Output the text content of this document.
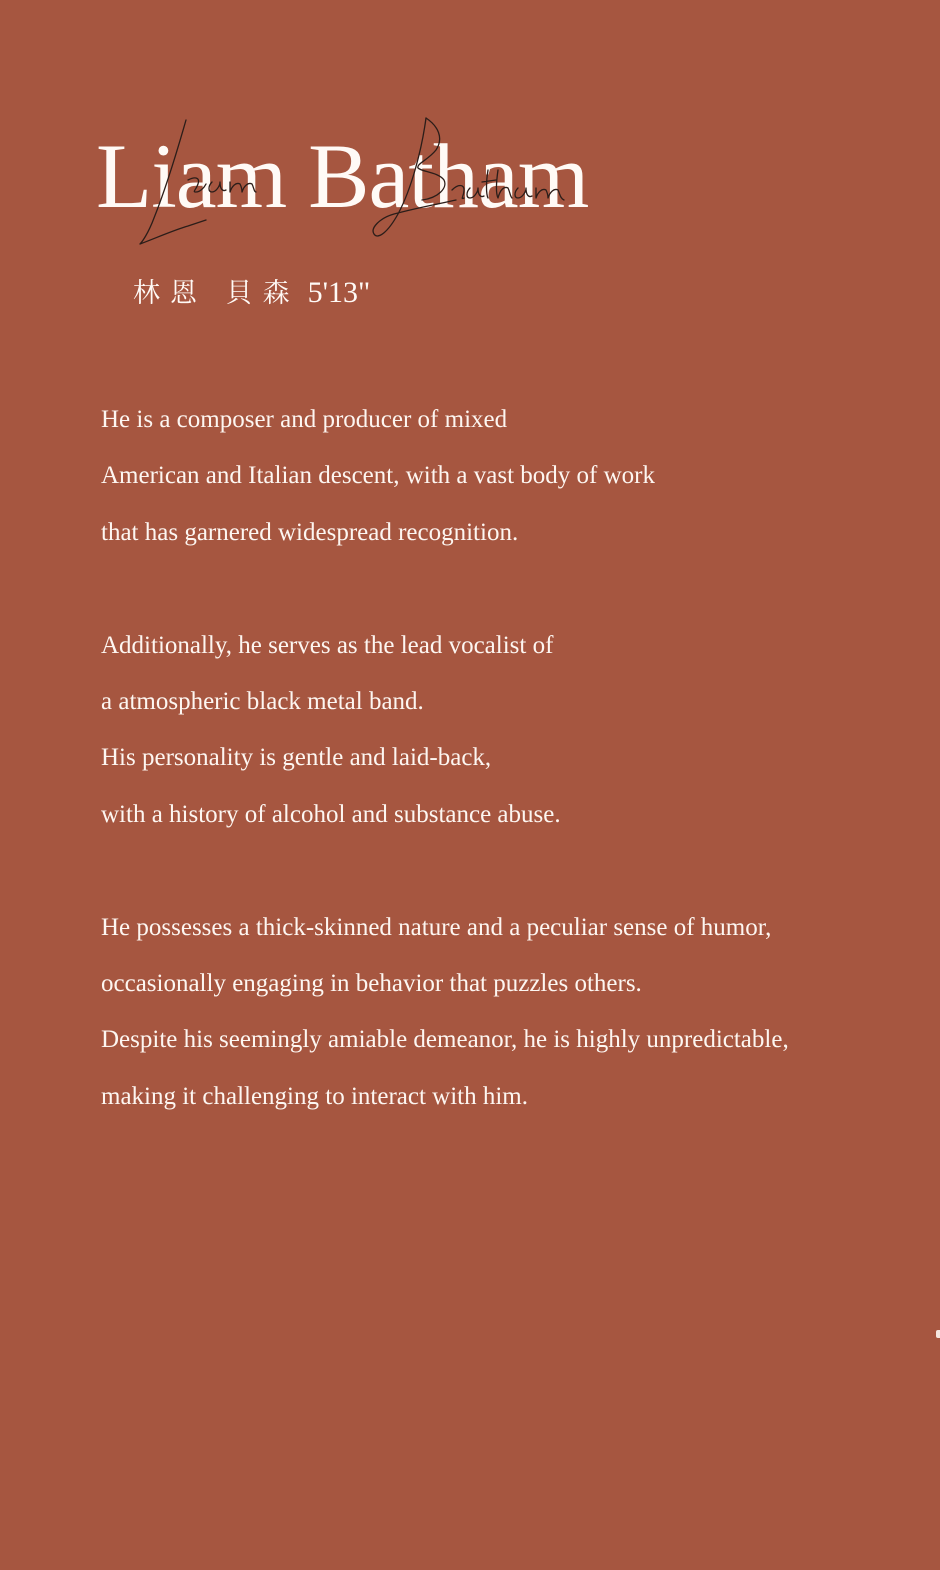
Liam Batham
林恩 貝森 5'13"

He is a composer and producer of mixed

American and Italian descent, with a vast body of work

that has garnered widespread recognition.

Additionally, he serves as the lead vocalist of

a atmospheric black metal band.

His personality is gentle and laid-back,

with a history of alcohol and substance abuse.

He possesses a thick-skinned nature and a peculiar sense of humor,

occasionally engaging in behavior that puzzles others.

Despite his seemingly amiable demeanor, he is highly unpredictable,

making it challenging to interact with him.
